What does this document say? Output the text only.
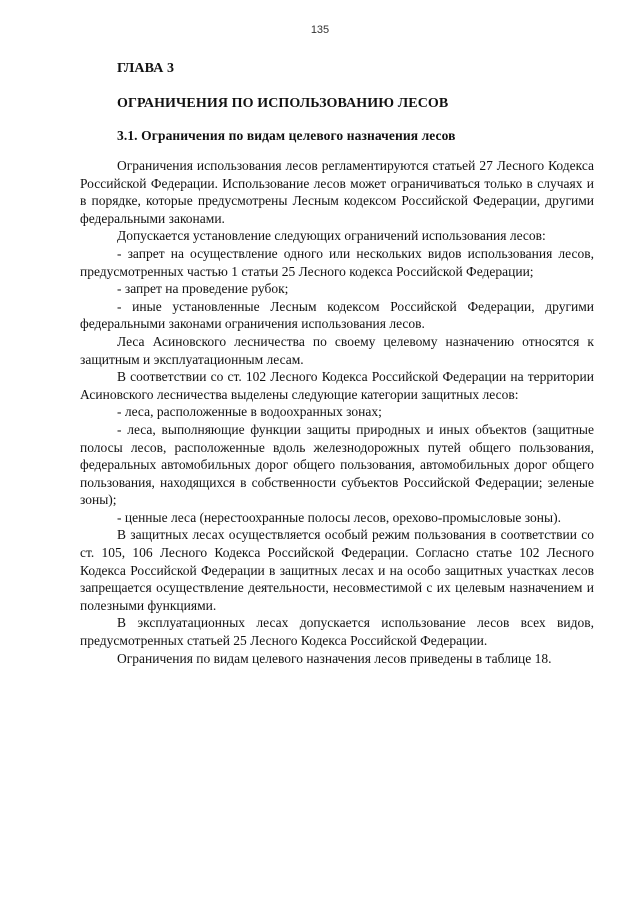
135
ГЛАВА 3
ОГРАНИЧЕНИЯ ПО ИСПОЛЬЗОВАНИЮ ЛЕСОВ
3.1. Ограничения по видам целевого назначения лесов

Ограничения использования лесов регламентируются статьей 27 Лесного Кодекса Российской Федерации. Использование лесов может ограничиваться только в случаях и в порядке, которые предусмотрены Лесным кодексом Российской Федерации, другими федеральными законами.

Допускается установление следующих ограничений использования лесов:

- запрет на осуществление одного или нескольких видов использования лесов, предусмотренных частью 1 статьи 25 Лесного кодекса Российской Федерации;

- запрет на проведение рубок;

- иные установленные Лесным кодексом Российской Федерации, другими федеральными законами ограничения использования лесов.

Леса Асиновского лесничества по своему целевому назначению относятся к защитным и эксплуатационным лесам.

В соответствии со ст. 102 Лесного Кодекса Российской Федерации на территории Асиновского лесничества выделены следующие категории защитных лесов:

- леса, расположенные в водоохранных зонах;

- леса, выполняющие функции защиты природных и иных объектов (защитные полосы лесов, расположенные вдоль железнодорожных путей общего пользования, федеральных автомобильных дорог общего пользования, автомобильных дорог общего пользования, находящихся в собственности субъектов Российской Федерации; зеленые зоны);

- ценные леса (нерестоохранные полосы лесов, орехово-промысловые зоны).

В защитных лесах осуществляется особый режим пользования в соответствии со ст. 105, 106 Лесного Кодекса Российской Федерации. Согласно статье 102 Лесного Кодекса Российской Федерации в защитных лесах и на особо защитных участках лесов запрещается осуществление деятельности, несовместимой с их целевым назначением и полезными функциями.

В эксплуатационных лесах допускается использование лесов всех видов, предусмотренных статьей 25 Лесного Кодекса Российской Федерации.

Ограничения по видам целевого назначения лесов приведены в таблице 18.
